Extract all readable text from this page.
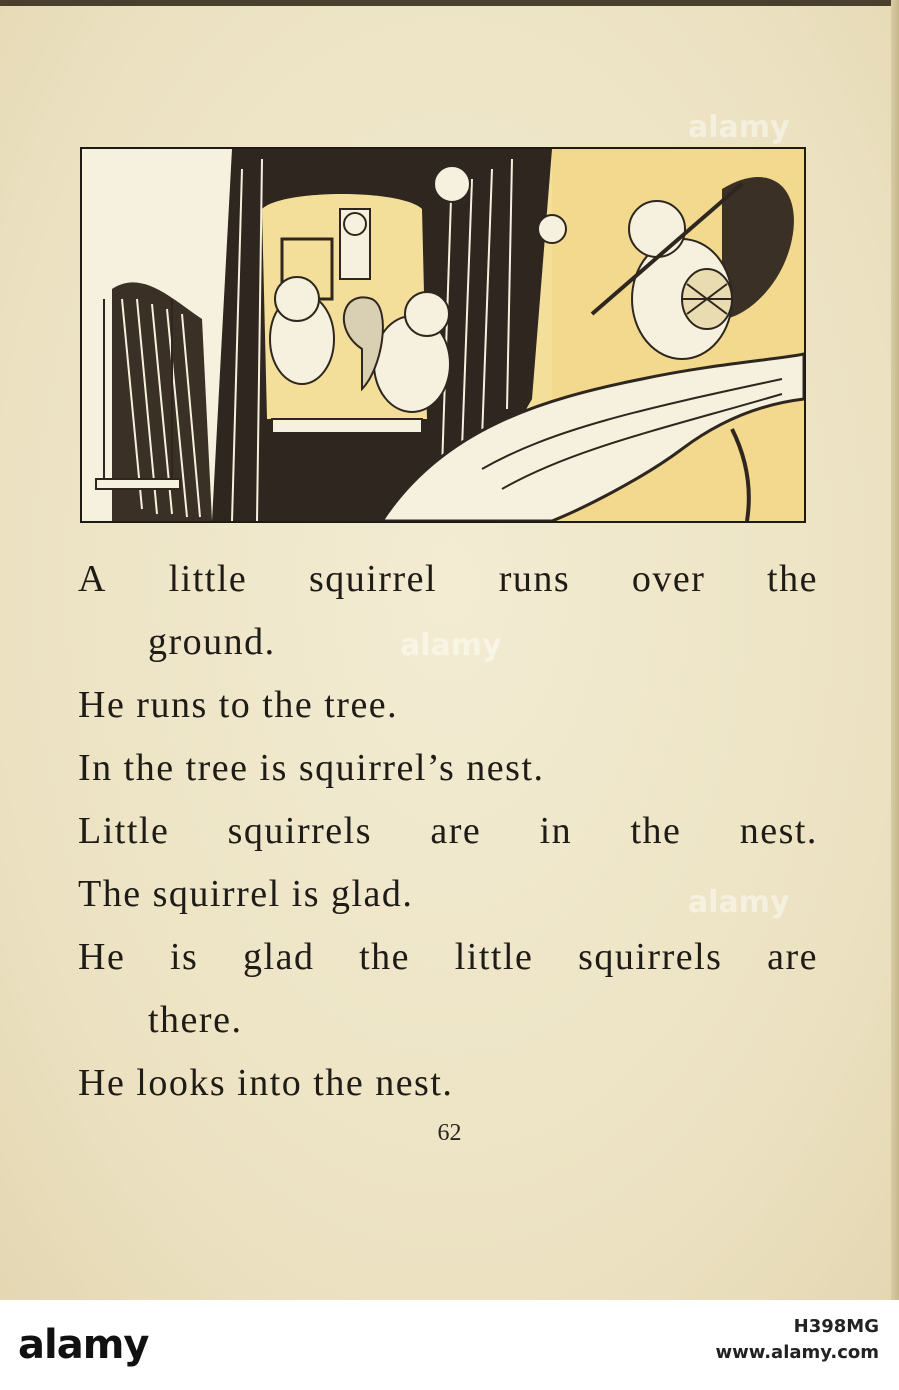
A little squirrel runs over the
ground.
He runs to the tree.
In the tree is squirrel’s nest.
Little squirrels are in the nest.
The squirrel is glad.
He is glad the little squirrels are
there.
He looks into the nest.
62
alamy
alamy
alamy
alamy	H398MG
www.alamy.com
